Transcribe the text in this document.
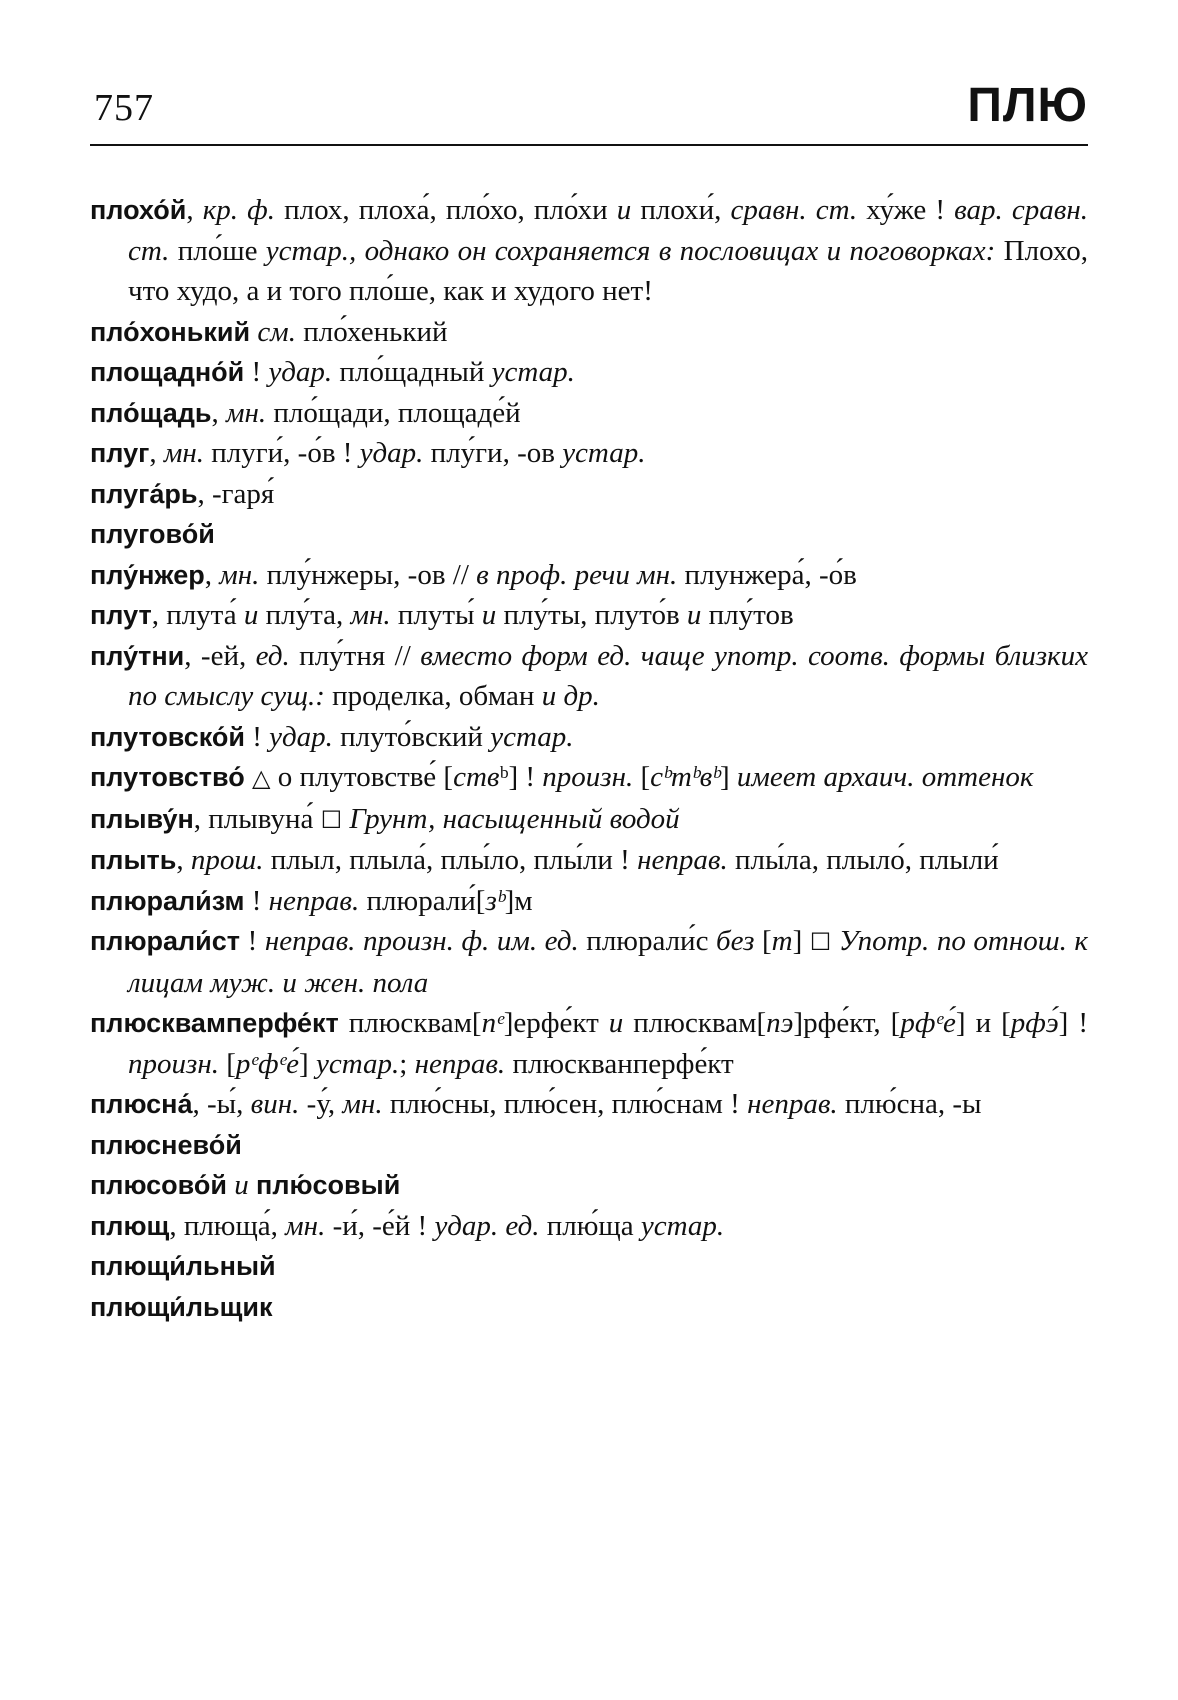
757	ПЛЮ

плохо́й, кр. ф. плох, плоха́, пло́хо, пло́хи и плохи́, сравн. ст. ху́же ! вар. сравн. ст. пло́ше устар., однако он сохраняется в пословицах и поговорках: Плохо, что худо, а и того пло́ше, как и худого нет!

пло́хонький см. пло́хенький

площадно́й ! удар. пло́щадный устар.

пло́щадь, мн. пло́щади, площаде́й

плуг, мн. плуги́, -о́в ! удар. плу́ги, -ов устар.

плуга́рь, -гаря́

плугово́й

плу́нжер, мн. плу́нжеры, -ов // в проф. речи мн. плунжера́, -о́в

плут, плута́ и плу́та, мн. плуты́ и плу́ты, плуто́в и плу́тов

плу́тни, -ей, ед. плу́тня // вместо форм ед. чаще употр. соотв. формы близких по смыслу сущ.: проделка, обман и др.

плутовско́й ! удар. плуто́вский устар.

плутовство́ △ о плутовстве́ [ствᵇ] ! произн. [сᵇтᵇвᵇ] имеет архаич. оттенок

плыву́н, плывуна́ ☐ Грунт, насыщенный водой

плыть, прош. плыл, плыла́, плы́ло, плы́ли ! неправ. плы́ла, плыло́, плыли́

плюрали́зм ! неправ. плюрали́[зᵇ]м

плюрали́ст ! неправ. произн. ф. им. ед. плюрали́с без [т] ☐ Употр. по отнош. к лицам муж. и жен. пола

плюсквамперфе́кт плюсквам[пᵉ]ерфе́кт и плюсквам[пэ]рфе́кт, [рфᵉе́] и [рфэ́] ! произн. [рᵉфᵉе́] устар.; неправ. плюскванперфе́кт

плюсна́, -ы́, вин. -у́, мн. плю́сны, плю́сен, плю́снам ! неправ. плю́сна, -ы

плюснево́й

плюсово́й и плю́совый

плющ, плюща́, мн. -и́, -е́й ! удар. ед. плю́ща устар.

плющи́льный

плющи́льщик
